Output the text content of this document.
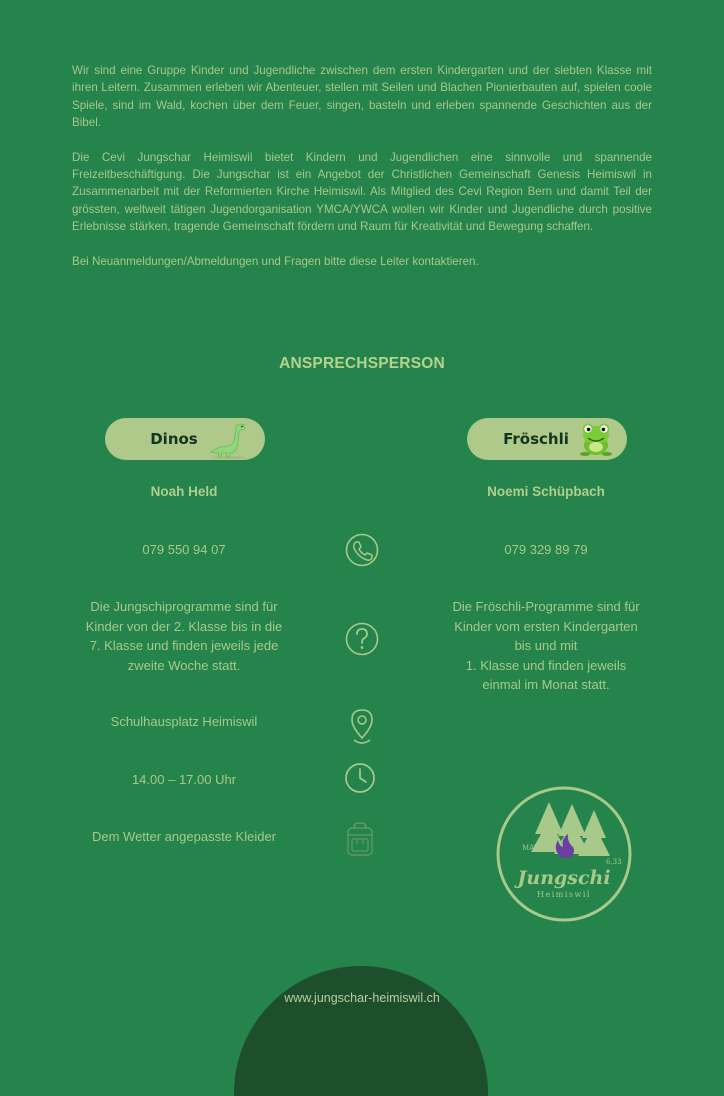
Wir sind eine Gruppe Kinder und Jugendliche zwischen dem ersten Kindergarten und der siebten Klasse mit ihren Leitern. Zusammen erleben wir Abenteuer, stellen mit Seilen und Blachen Pionierbauten auf, spielen coole Spiele, sind im Wald, kochen über dem Feuer, singen, basteln und erleben spannende Geschichten aus der Bibel.

Die Cevi Jungschar Heimiswil bietet Kindern und Jugendlichen eine sinnvolle und spannende Freizeitbeschäftigung. Die Jungschar ist ein Angebot der Christlichen Gemeinschaft Genesis Heimiswil in Zusammenarbeit mit der Reformierten Kirche Heimiswil. Als Mitglied des Cevi Region Bern und damit Teil der grössten, weltweit tätigen Jugendorganisation YMCA/YWCA wollen wir Kinder und Jugendliche durch positive Erlebnisse stärken, tragende Gemeinschaft fördern und Raum für Kreativität und Bewegung schaffen.

Bei Neuanmeldungen/Abmeldungen und Fragen bitte diese Leiter kontaktieren.

ANSPRECHSPERSON
Dinos	Fröschli
Noah Held	Noemi Schüpbach
079 550 94 07	079 329 89 79
Die Jungschiprogramme sind für
Kinder von der 2. Klasse bis in die
7. Klasse und finden jeweils jede
zweite Woche statt.
Die Fröschli-Programme sind für
Kinder vom ersten Kindergarten
bis und mit
1. Klasse und finden jeweils
einmal im Monat statt.
Schulhausplatz Heimiswil
14.00 – 17.00 Uhr
Dem Wetter angepasste Kleider
MAT
6,33
Jungschi
Heimiswil
www.jungschar-heimiswil.ch
